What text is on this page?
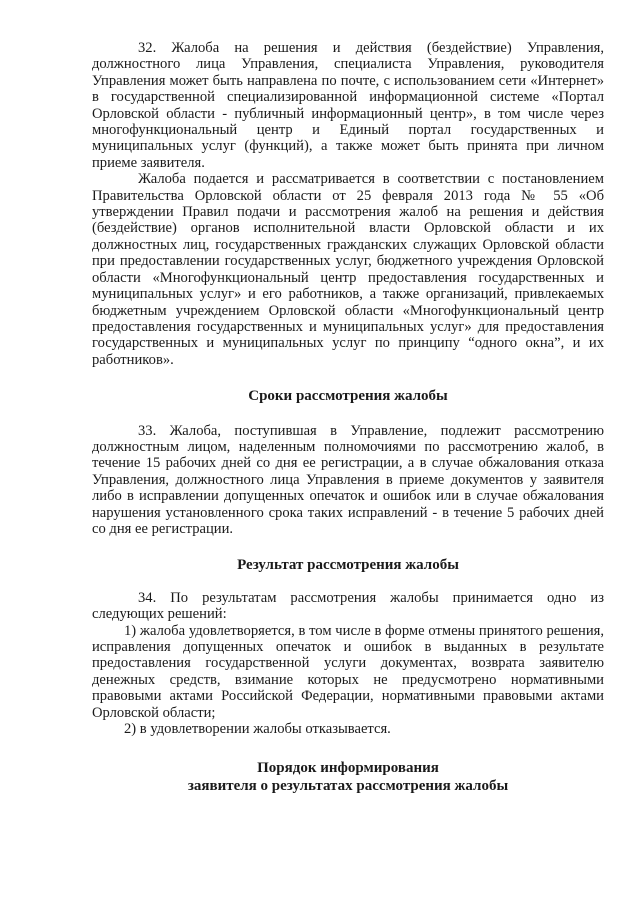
32. Жалоба на решения и действия (бездействие) Управления, должностного лица Управления, специалиста Управления, руководителя Управления может быть направлена по почте, с использованием сети «Интернет» в государственной специализированной информационной системе «Портал Орловской области - публичный информационный центр», в том числе через многофункциональный центр и Единый портал государственных и муниципальных услуг (функций), а также может быть принята при личном приеме заявителя.

Жалоба подается и рассматривается в соответствии с постановлением Правительства Орловской области от 25 февраля 2013 года № 55 «Об утверждении Правил подачи и рассмотрения жалоб на решения и действия (бездействие) органов исполнительной власти Орловской области и их должностных лиц, государственных гражданских служащих Орловской области при предоставлении государственных услуг, бюджетного учреждения Орловской области «Многофункциональный центр предоставления государственных и муниципальных услуг» и его работников, а также организаций, привлекаемых бюджетным учреждением Орловской области «Многофункциональный центр предоставления государственных и муниципальных услуг» для предоставления государственных и муниципальных услуг по принципу “одного окна”, и их работников».

Сроки рассмотрения жалобы

33. Жалоба, поступившая в Управление, подлежит рассмотрению должностным лицом, наделенным полномочиями по рассмотрению жалоб, в течение 15 рабочих дней со дня ее регистрации, а в случае обжалования отказа Управления, должностного лица Управления в приеме документов у заявителя либо в исправлении допущенных опечаток и ошибок или в случае обжалования нарушения установленного срока таких исправлений - в течение 5 рабочих дней со дня ее регистрации.

Результат рассмотрения жалобы

34. По результатам рассмотрения жалобы принимается одно из следующих решений:

1) жалоба удовлетворяется, в том числе в форме отмены принятого решения, исправления допущенных опечаток и ошибок в выданных в результате предоставления государственной услуги документах, возврата заявителю денежных средств, взимание которых не предусмотрено нормативными правовыми актами Российской Федерации, нормативными правовыми актами Орловской области;

2) в удовлетворении жалобы отказывается.

Порядок информирования
заявителя о результатах рассмотрения жалобы
